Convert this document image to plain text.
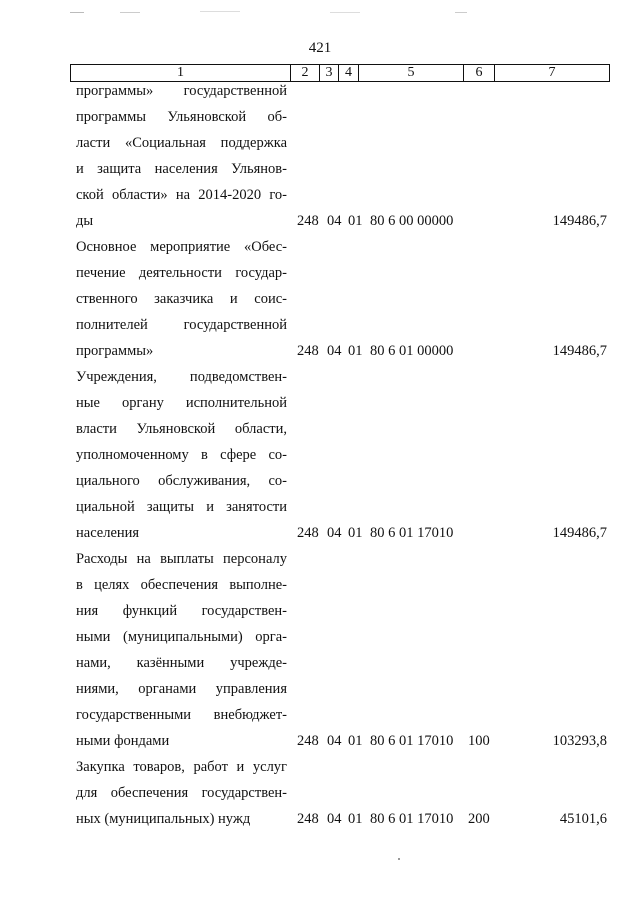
421
1	2	3	4	5	6	7
программы» государственной
программы Ульяновской об-
ласти «Социальная поддержка
и защита населения Ульянов-
ской области» на 2014-2020 го-
ды	248 04 01 80 6 00 00000	149486,7
Основное мероприятие «Обес-
печение деятельности государ-
ственного заказчика и соис-
полнителей государственной
программы»	248 04 01 80 6 01 00000	149486,7
Учреждения, подведомствен-
ные органу исполнительной
власти Ульяновской области,
уполномоченному в сфере со-
циального обслуживания, со-
циальной защиты и занятости
населения	248 04 01 80 6 01 17010	149486,7
Расходы на выплаты персоналу
в целях обеспечения выполне-
ния функций государствен-
ными (муниципальными) орга-
нами, казёнными учрежде-
ниями, органами управления
государственными внебюджет-
ными фондами	248 04 01 80 6 01 17010 100	103293,8
Закупка товаров, работ и услуг
для обеспечения государствен-
ных (муниципальных) нужд	248 04 01 80 6 01 17010 200	45101,6
